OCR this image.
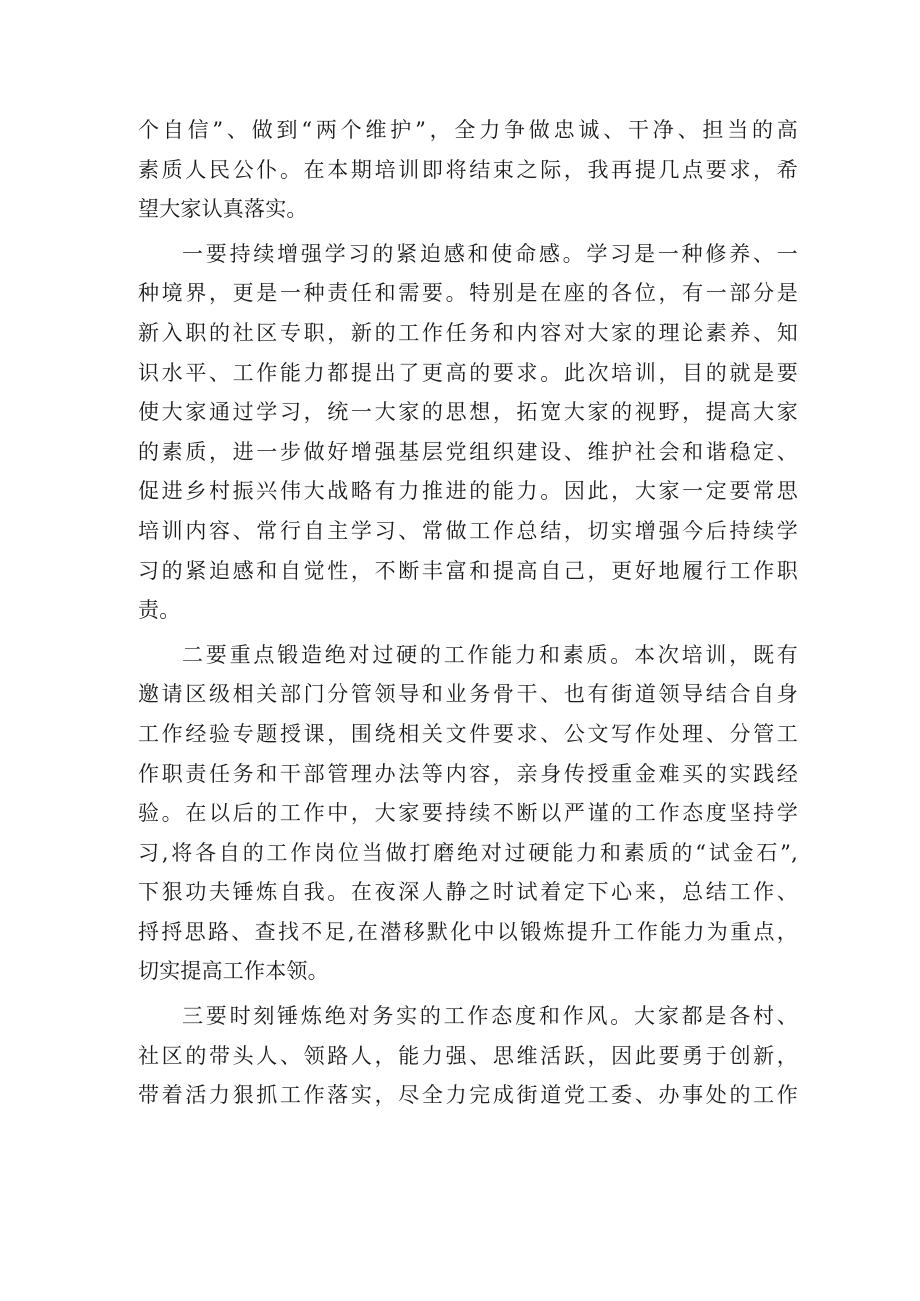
个自信”、做到“两个维护”，全力争做忠诚、干净、担当的高
素质人民公仆。在本期培训即将结束之际，我再提几点要求，希
望大家认真落实。
一要持续增强学习的紧迫感和使命感。学习是一种修养、一
种境界，更是一种责任和需要。特别是在座的各位，有一部分是
新入职的社区专职，新的工作任务和内容对大家的理论素养、知
识水平、工作能力都提出了更高的要求。此次培训，目的就是要
使大家通过学习，统一大家的思想，拓宽大家的视野，提高大家
的素质，进一步做好增强基层党组织建设、维护社会和谐稳定、
促进乡村振兴伟大战略有力推进的能力。因此，大家一定要常思
培训内容、常行自主学习、常做工作总结，切实增强今后持续学
习的紧迫感和自觉性，不断丰富和提高自己，更好地履行工作职
责。
二要重点锻造绝对过硬的工作能力和素质。本次培训，既有
邀请区级相关部门分管领导和业务骨干、也有街道领导结合自身
工作经验专题授课，围绕相关文件要求、公文写作处理、分管工
作职责任务和干部管理办法等内容，亲身传授重金难买的实践经
验。在以后的工作中，大家要持续不断以严谨的工作态度坚持学
习,将各自的工作岗位当做打磨绝对过硬能力和素质的“试金石”,
下狠功夫锤炼自我。在夜深人静之时试着定下心来，总结工作、
捋捋思路、查找不足,在潜移默化中以锻炼提升工作能力为重点，
切实提高工作本领。
三要时刻锤炼绝对务实的工作态度和作风。大家都是各村、
社区的带头人、领路人，能力强、思维活跃，因此要勇于创新，
带着活力狠抓工作落实，尽全力完成街道党工委、办事处的工作
